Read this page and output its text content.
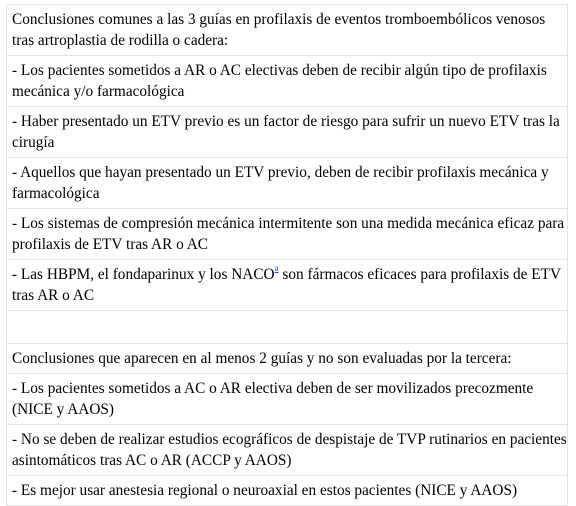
Conclusiones comunes a las 3 guías en profilaxis de eventos tromboembólicos venosos tras artroplastia de rodilla o cadera:
- Los pacientes sometidos a AR o AC electivas deben de recibir algún tipo de profilaxis mecánica y/o farmacológica
- Haber presentado un ETV previo es un factor de riesgo para sufrir un nuevo ETV tras la cirugía
- Aquellos que hayan presentado un ETV previo, deben de recibir profilaxis mecánica y farmacológica
- Los sistemas de compresión mecánica intermitente son una medida mecánica eficaz para profilaxis de ETV tras AR o AC
- Las HBPM, el fondaparinux y los NACO$^a$ son fármacos eficaces para profilaxis de ETV tras AR o AC
Conclusiones que aparecen en al menos 2 guías y no son evaluadas por la tercera:
- Los pacientes sometidos a AC o AR electiva deben de ser movilizados precozmente (NICE y AAOS)
- No se deben de realizar estudios ecográficos de despistaje de TVP rutinarios en pacientes asintomáticos tras AC o AR (ACCP y AAOS)
- Es mejor usar anestesia regional o neuroaxial en estos pacientes (NICE y AAOS)
